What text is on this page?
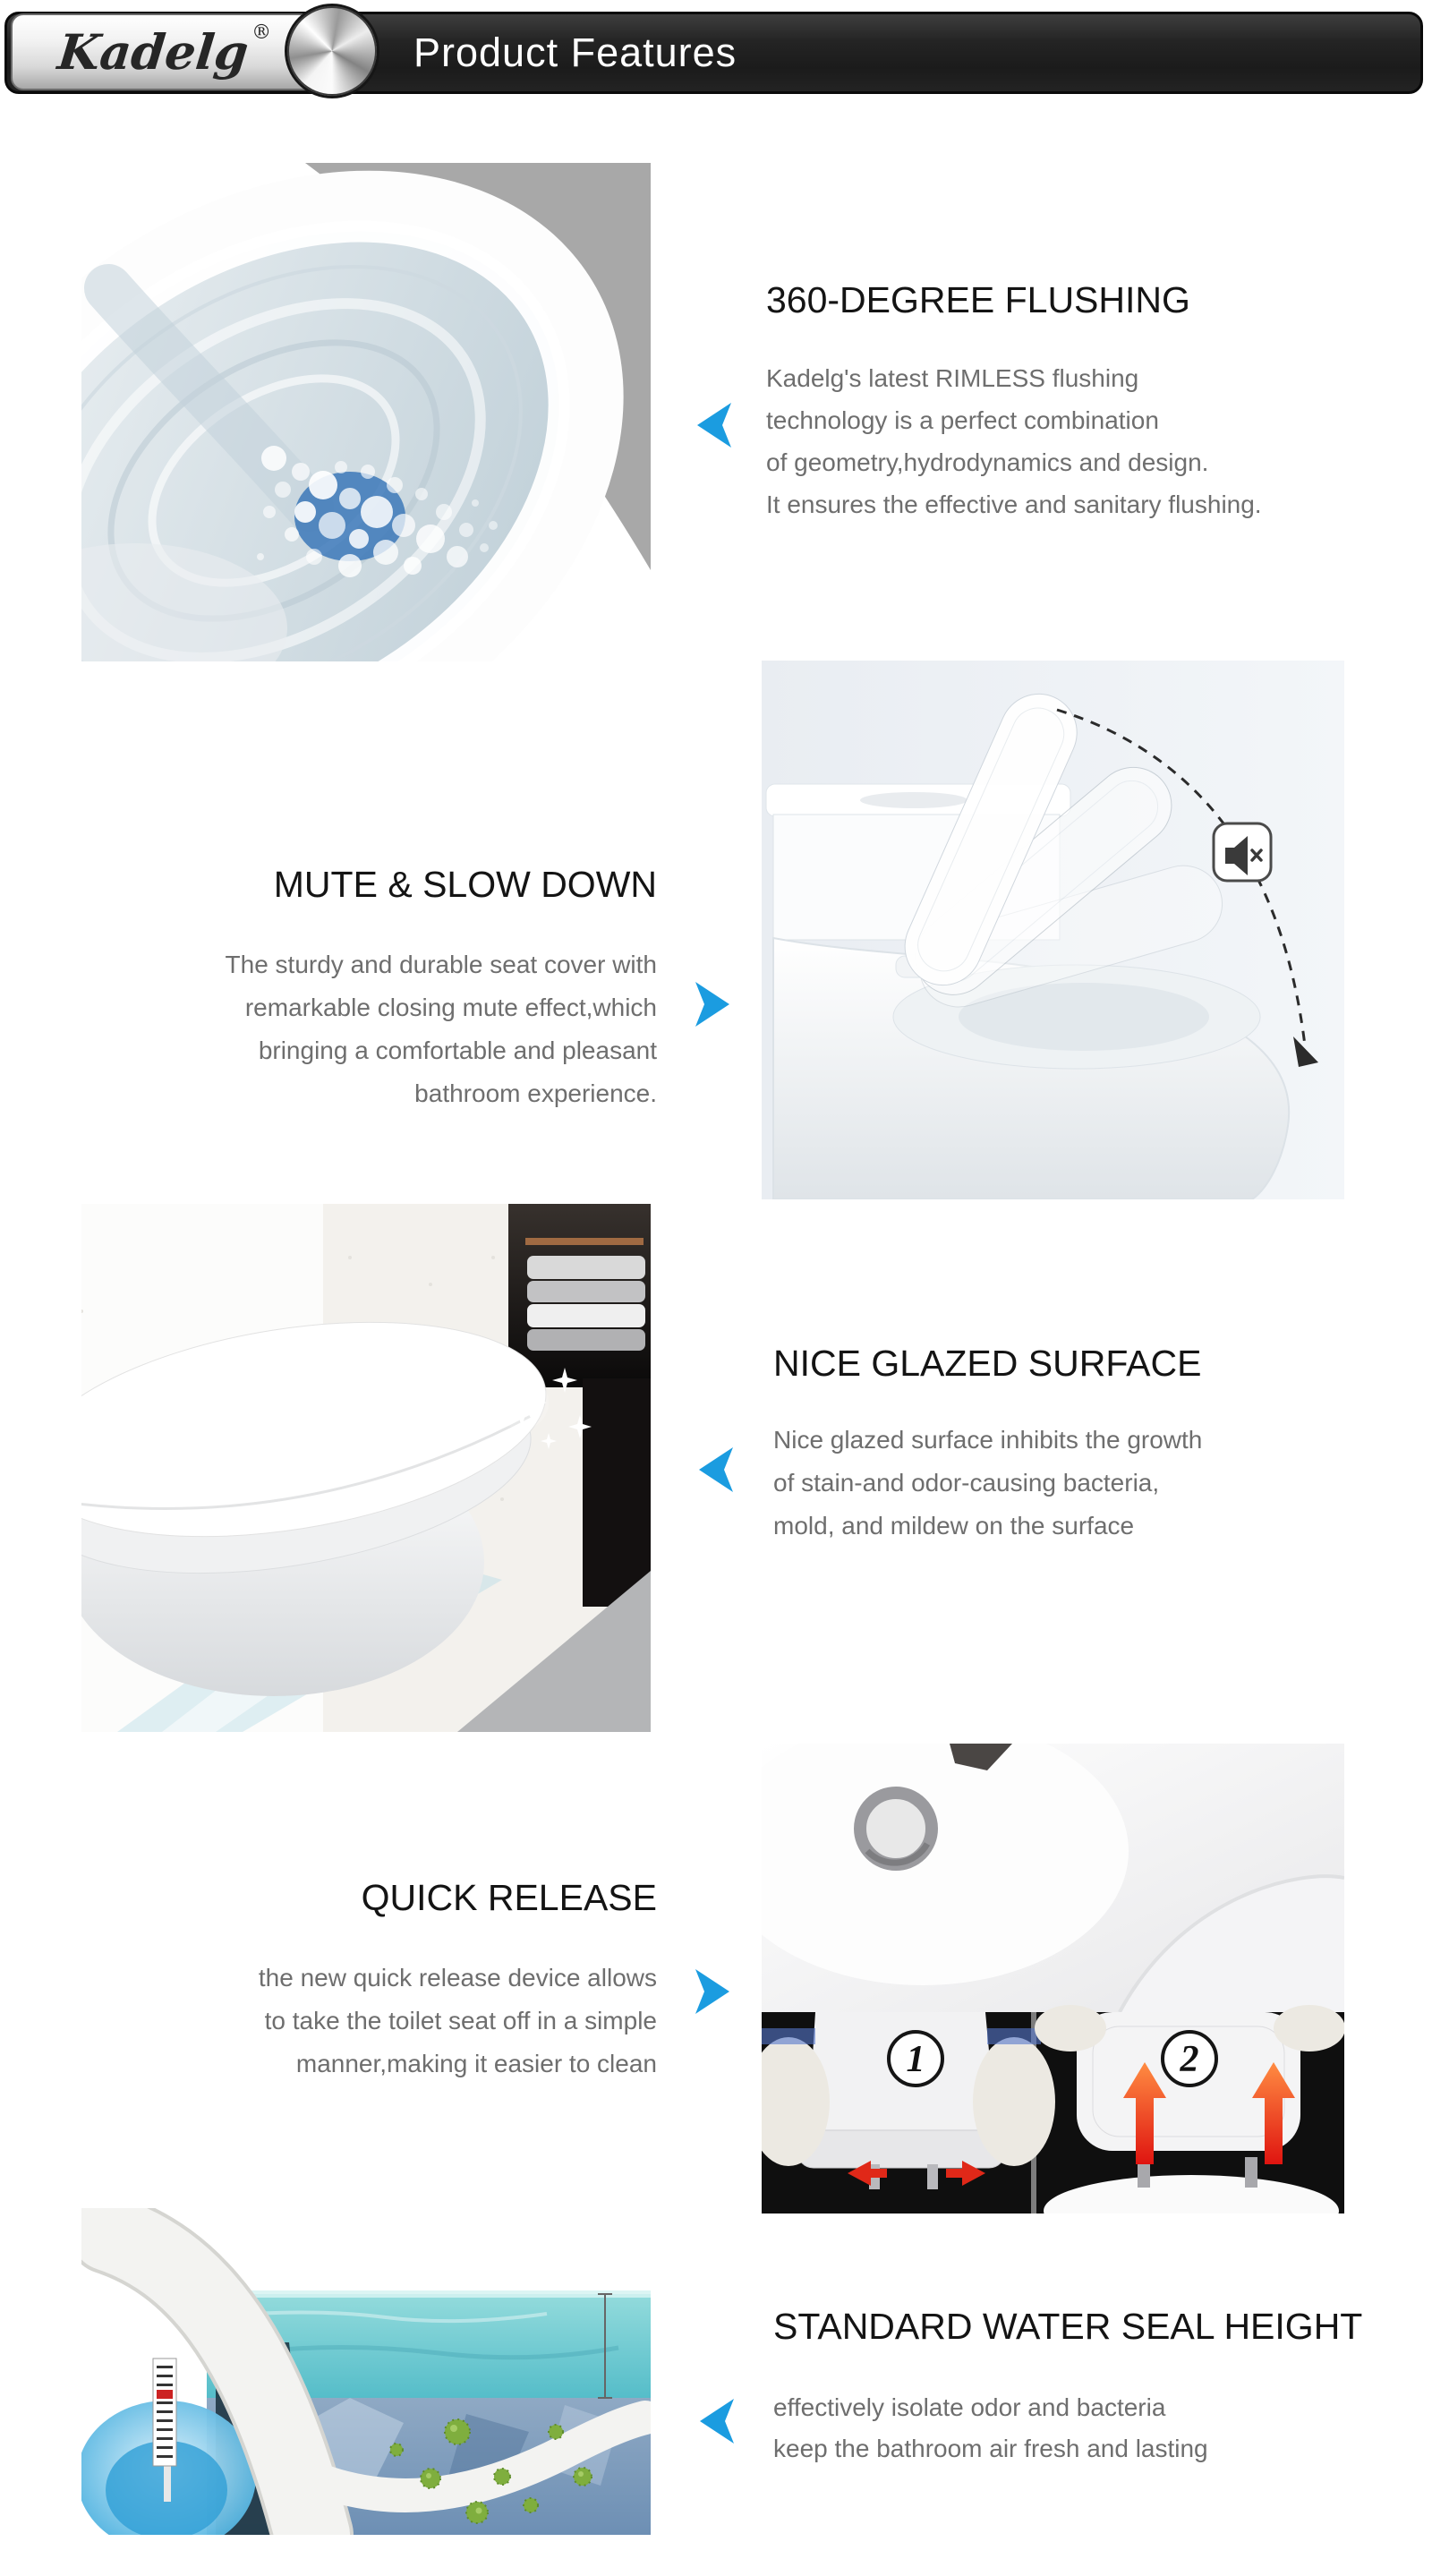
Product Features
Kadelg ®
360-DEGREE FLUSHING

Kadelg's latest RIMLESS flushing

technology is a perfect combination

of geometry,hydrodynamics and design.

It ensures the effective and sanitary flushing.

MUTE & SLOW DOWN

The sturdy and durable seat cover with

remarkable closing mute effect,which

bringing a comfortable and pleasant

bathroom experience.

NICE GLAZED SURFACE

Nice glazed surface inhibits the growth

of stain-and odor-causing bacteria,

mold, and mildew on the surface

QUICK RELEASE

the new quick release device allows

to take the toilet seat off in a simple

manner,making it easier to clean	1	2
STANDARD WATER SEAL HEIGHT

effectively isolate odor and bacteria

keep the bathroom air fresh and lasting
